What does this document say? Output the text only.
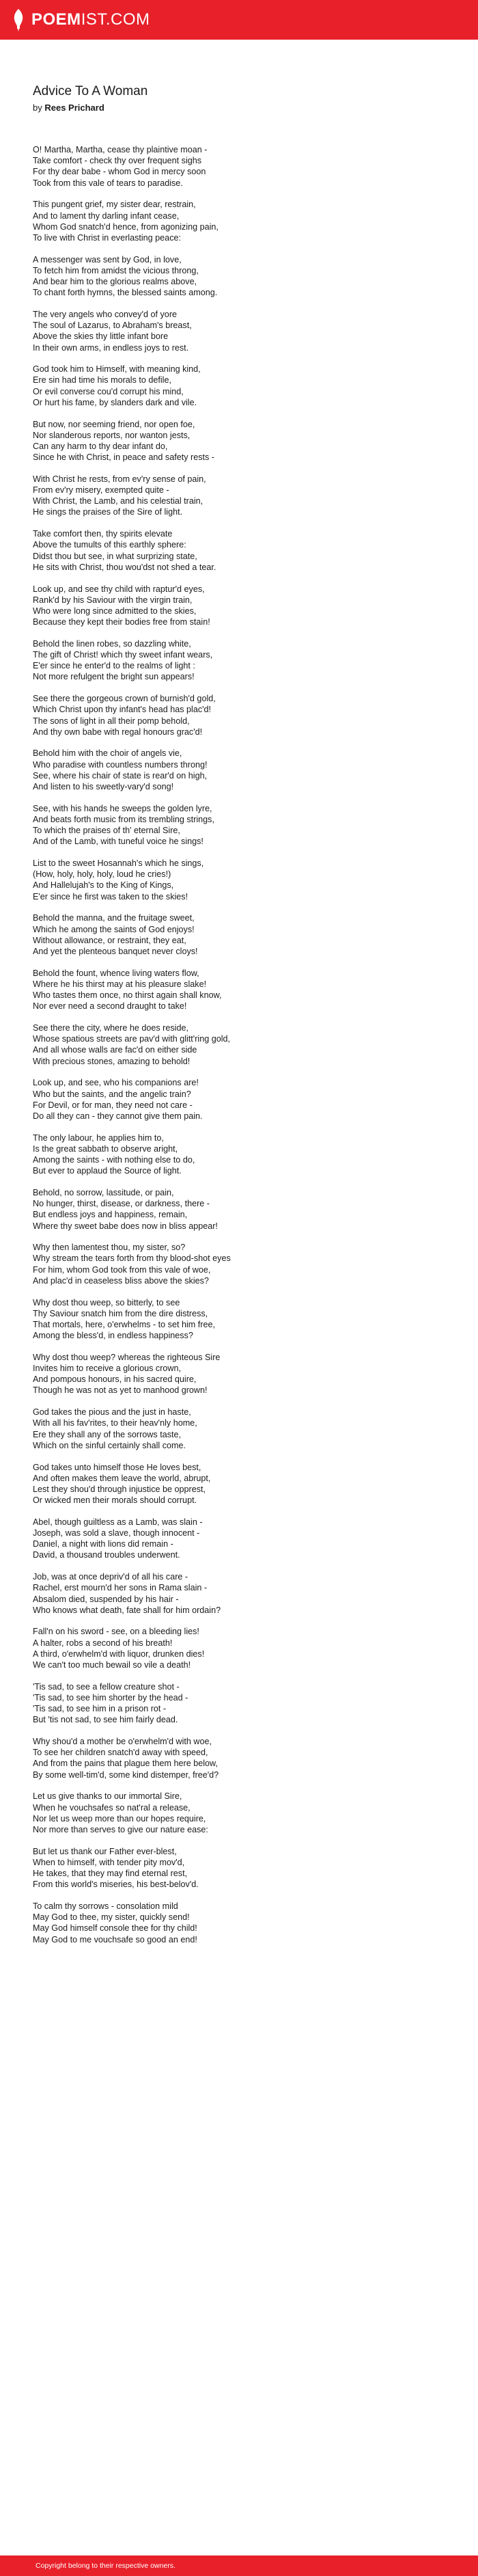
POEMIST.COM
Advice To A Woman
by Rees Prichard

O! Martha, Martha, cease thy plaintive moan -
Take comfort - check thy over frequent sighs
For thy dear babe - whom God in mercy soon
Took from this vale of tears to paradise.

This pungent grief, my sister dear, restrain,
And to lament thy darling infant cease,
Whom God snatch'd hence, from agonizing pain,
To live with Christ in everlasting peace:

A messenger was sent by God, in love,
To fetch him from amidst the vicious throng,
And bear him to the glorious realms above,
To chant forth hymns, the blessed saints among.

The very angels who convey'd of yore
The soul of Lazarus, to Abraham's breast,
Above the skies thy little infant bore
In their own arms, in endless joys to rest.

God took him to Himself, with meaning kind,
Ere sin had time his morals to defile,
Or evil converse cou'd corrupt his mind,
Or hurt his fame, by slanders dark and vile.

But now, nor seeming friend, nor open foe,
Nor slanderous reports, nor wanton jests,
Can any harm to thy dear infant do,
Since he with Christ, in peace and safety rests -

With Christ he rests, from ev'ry sense of pain,
From ev'ry misery, exempted quite -
With Christ, the Lamb, and his celestial train,
He sings the praises of the Sire of light.

Take comfort then, thy spirits elevate
Above the tumults of this earthly sphere:
Didst thou but see, in what surprizing state,
He sits with Christ, thou wou'dst not shed a tear.

Look up, and see thy child with raptur'd eyes,
Rank'd by his Saviour with the virgin train,
Who were long since admitted to the skies,
Because they kept their bodies free from stain!

Behold the linen robes, so dazzling white,
The gift of Christ! which thy sweet infant wears,
E'er since he enter'd to the realms of light :
Not more refulgent the bright sun appears!

See there the gorgeous crown of burnish'd gold,
Which Christ upon thy infant's head has plac'd!
The sons of light in all their pomp behold,
And thy own babe with regal honours grac'd!

Behold him with the choir of angels vie,
Who paradise with countless numbers throng!
See, where his chair of state is rear'd on high,
And listen to his sweetly-vary'd song!

See, with his hands he sweeps the golden lyre,
And beats forth music from its trembling strings,
To which the praises of th' eternal Sire,
And of the Lamb, with tuneful voice he sings!

List to the sweet Hosannah's which he sings,
(How, holy, holy, holy, loud he cries!)
And Hallelujah's to the King of Kings,
E'er since he first was taken to the skies!

Behold the manna, and the fruitage sweet,
Which he among the saints of God enjoys!
Without allowance, or restraint, they eat,
And yet the plenteous banquet never cloys!

Behold the fount, whence living waters flow,
Where he his thirst may at his pleasure slake!
Who tastes them once, no thirst again shall know,
Nor ever need a second draught to take!

See there the city, where he does reside,
Whose spatious streets are pav'd with glitt'ring gold,
And all whose walls are fac'd on either side
With precious stones, amazing to behold!

Look up, and see, who his companions are!
Who but the saints, and the angelic train?
For Devil, or for man, they need not care -
Do all they can - they cannot give them pain.

The only labour, he applies him to,
Is the great sabbath to observe aright,
Among the saints - with nothing else to do,
But ever to applaud the Source of light.

Behold, no sorrow, lassitude, or pain,
No hunger, thirst, disease, or darkness, there -
But endless joys and happiness, remain,
Where thy sweet babe does now in bliss appear!

Why then lamentest thou, my sister, so?
Why stream the tears forth from thy blood-shot eyes
For him, whom God took from this vale of woe,
And plac'd in ceaseless bliss above the skies?

Why dost thou weep, so bitterly, to see
Thy Saviour snatch him from the dire distress,
That mortals, here, o'erwhelms - to set him free,
Among the bless'd, in endless happiness?

Why dost thou weep? whereas the righteous Sire
Invites him to receive a glorious crown,
And pompous honours, in his sacred quire,
Though he was not as yet to manhood grown!

God takes the pious and the just in haste,
With all his fav'rites, to their heav'nly home,
Ere they shall any of the sorrows taste,
Which on the sinful certainly shall come.

God takes unto himself those He loves best,
And often makes them leave the world, abrupt,
Lest they shou'd through injustice be opprest,
Or wicked men their morals should corrupt.

Abel, though guiltless as a Lamb, was slain -
Joseph, was sold a slave, though innocent -
Daniel, a night with lions did remain -
David, a thousand troubles underwent.

Job, was at once depriv'd of all his care -
Rachel, erst mourn'd her sons in Rama slain -
Absalom died, suspended by his hair -
Who knows what death, fate shall for him ordain?

Fall'n on his sword - see, on a bleeding lies!
A halter, robs a second of his breath!
A third, o'erwhelm'd with liquor, drunken dies!
We can't too much bewail so vile a death!

'Tis sad, to see a fellow creature shot -
'Tis sad, to see him shorter by the head -
'Tis sad, to see him in a prison rot -
But 'tis not sad, to see him fairly dead.

Why shou'd a mother be o'erwhelm'd with woe,
To see her children snatch'd away with speed,
And from the pains that plague them here below,
By some well-tim'd, some kind distemper, free'd?

Let us give thanks to our immortal Sire,
When he vouchsafes so nat'ral a release,
Nor let us weep more than our hopes require,
Nor more than serves to give our nature ease:

But let us thank our Father ever-blest,
When to himself, with tender pity mov'd,
He takes, that they may find eternal rest,
From this world's miseries, his best-belov'd.

To calm thy sorrows - consolation mild
May God to thee, my sister, quickly send!
May God himself console thee for thy child!
May God to me vouchsafe so good an end!

Copyright belong to their respective owners.
